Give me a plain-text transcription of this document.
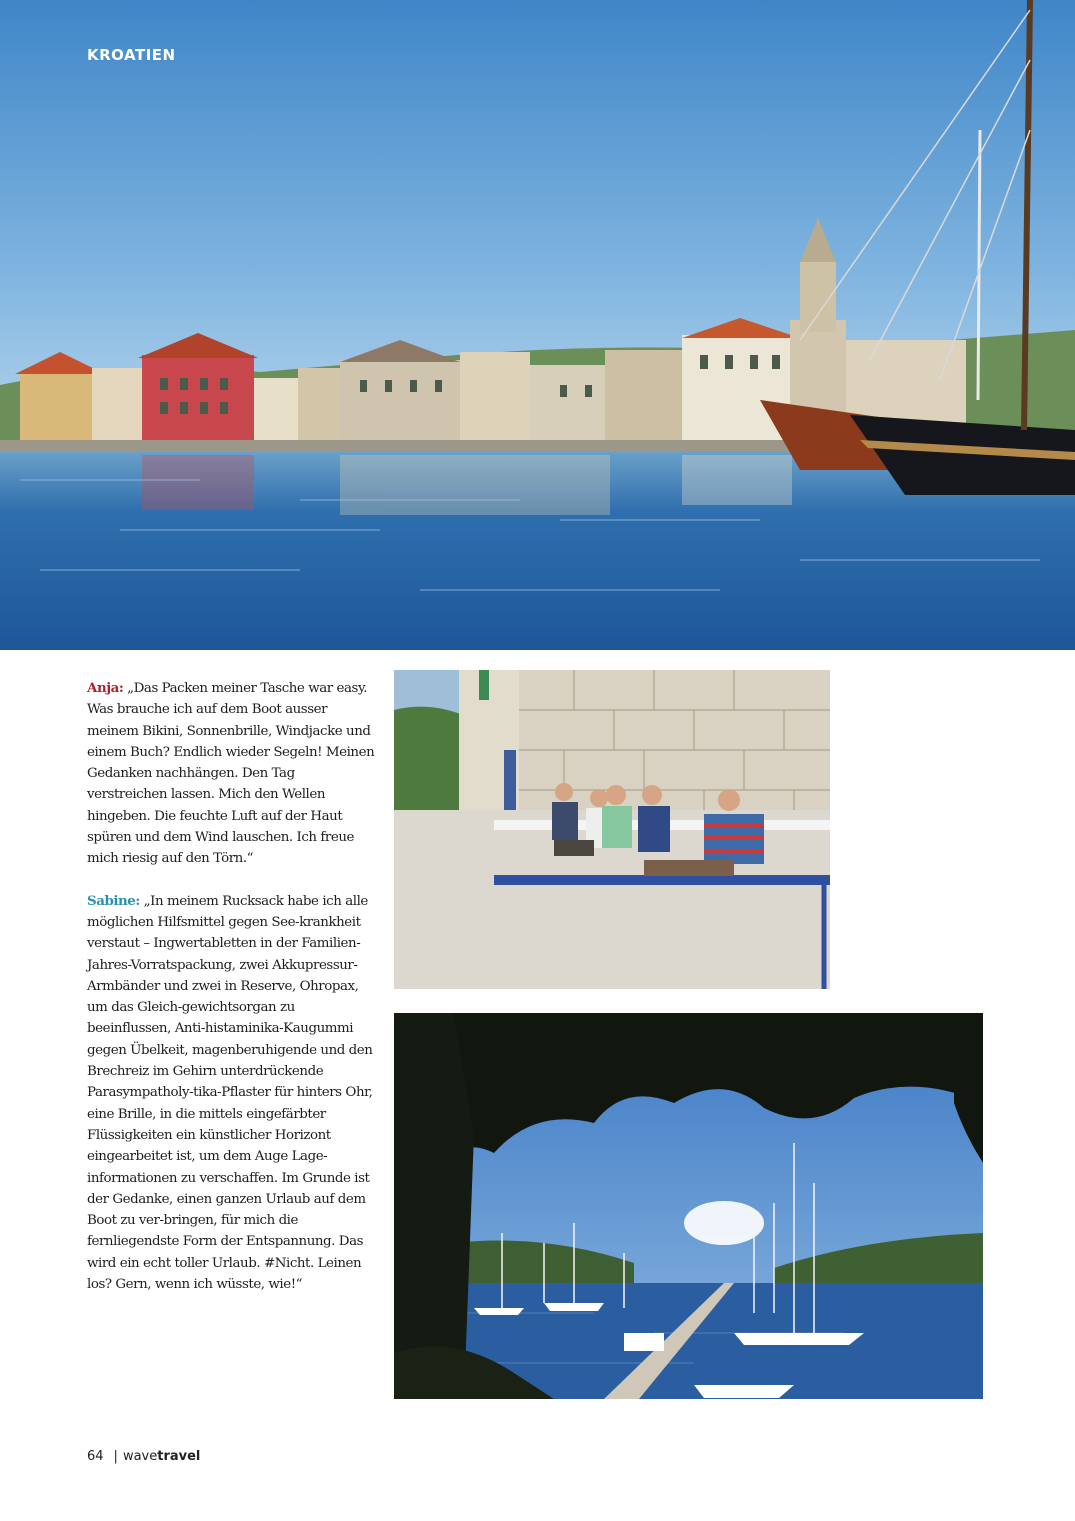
KROATIEN

Anja: „Das Packen meiner Tasche war easy. Was brauche ich auf dem Boot ausser meinem Bikini, Sonnenbrille, Windjacke und einem Buch? Endlich wieder Segeln! Meinen Gedanken nachhängen. Den Tag verstreichen lassen. Mich den Wellen hingeben. Die feuchte Luft auf der Haut spüren und dem Wind lauschen. Ich freue mich riesig auf den Törn.“

Sabine: „In meinem Rucksack habe ich alle möglichen Hilfsmittel gegen See-krankheit verstaut – Ingwertabletten in der Familien-Jahres-Vorratspackung, zwei Akkupressur-Armbänder und zwei in Reserve, Ohropax, um das Gleich-gewichtsorgan zu beeinflussen, Anti-histaminika-Kaugummi gegen Übelkeit, magenberuhigende und den Brechreiz im Gehirn unterdrückende Parasympatholy-tika-Pflaster für hinters Ohr, eine Brille, in die mittels eingefärbter Flüssigkeiten ein künstlicher Horizont eingearbeitet ist, um dem Auge Lage-informationen zu verschaffen. Im Grunde ist der Gedanke, einen ganzen Urlaub auf dem Boot zu ver-bringen, für mich die fernliegendste Form der Entspannung. Das wird ein echt toller Urlaub. #Nicht. Leinen los? Gern, wenn ich wüsste, wie!“

64 | wavetravel
